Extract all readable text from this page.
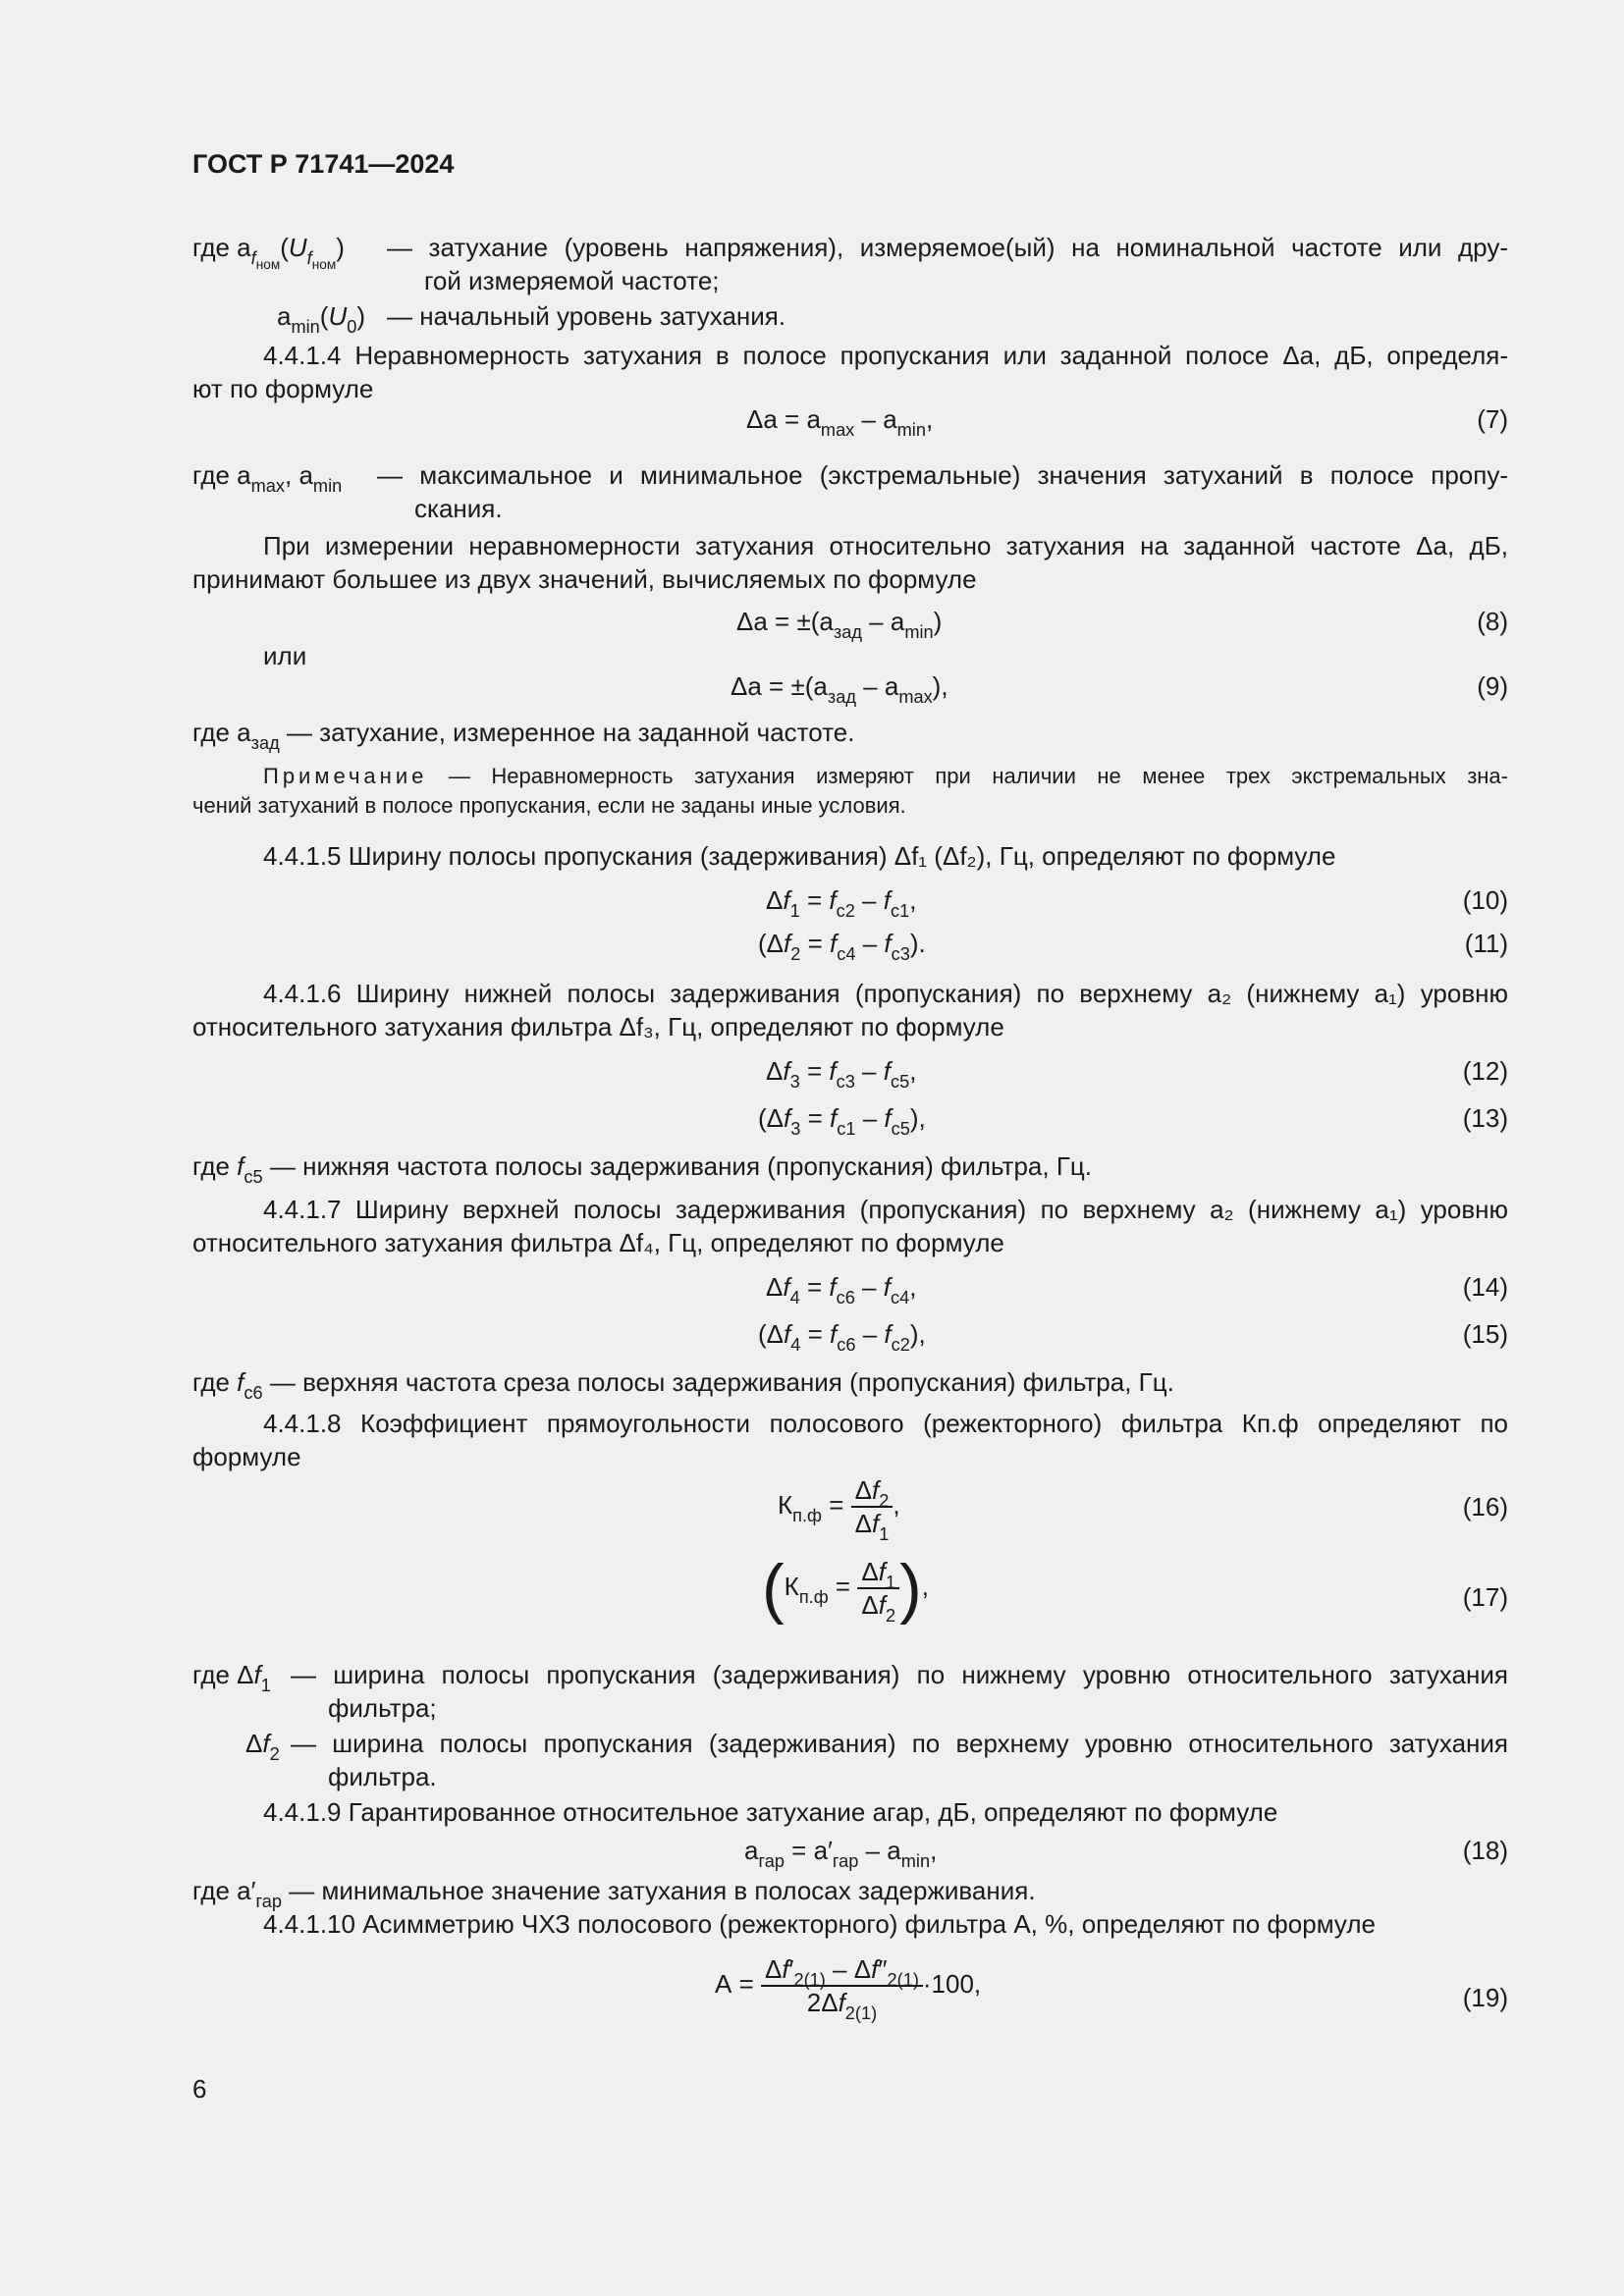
ГОСТ Р 71741—2024
где $а_{f_{ном}}(U_{f_{ном}})$ — затухание (уровень напряжения), измеряемое(ый) на номинальной частоте или дру-
гой измеряемой частоте;
$а_{min}(U_0)$ — начальный уровень затухания.
4.4.1.4 Неравномерность затухания в полосе пропускания или заданной полосе Δа, дБ, определя-
ют по формуле
$\Delta а = а_{max} - а_{min}$,	(7)
где $а_{max}$, $а_{min}$ — максимальное и минимальное (экстремальные) значения затуханий в полосе пропу-
скания.
При измерении неравномерности затухания относительно затухания на заданной частоте Δа, дБ,
принимают большее из двух значений, вычисляемых по формуле
$\Delta а = \pm(а_{зад} - а_{min})$	(8)
или
$\Delta а = \pm(а_{зад} - а_{max})$,	(9)
где $а_{зад}$ — затухание, измеренное на заданной частоте.
Примечание — Неравномерность затухания измеряют при наличии не менее трех экстремальных зна-
чений затуханий в полосе пропускания, если не заданы иные условия.
4.4.1.5 Ширину полосы пропускания (задерживания) Δf₁ (Δf₂), Гц, определяют по формуле
$\Delta f_1 = f_{с2} - f_{с1}$,	(10)
$(\Delta f_2 = f_{с4} - f_{с3})$.	(11)
4.4.1.6 Ширину нижней полосы задерживания (пропускания) по верхнему а₂ (нижнему а₁) уровню
относительного затухания фильтра Δf₃, Гц, определяют по формуле
$\Delta f_3 = f_{с3} - f_{с5}$,	(12)
$(\Delta f_3 = f_{с1} - f_{с5})$,	(13)
где $f_{с5}$ — нижняя частота полосы задерживания (пропускания) фильтра, Гц.
4.4.1.7 Ширину верхней полосы задерживания (пропускания) по верхнему а₂ (нижнему а₁) уровню
относительного затухания фильтра Δf₄, Гц, определяют по формуле
$\Delta f_4 = f_{с6} - f_{с4}$,	(14)
$(\Delta f_4 = f_{с6} - f_{с2})$,	(15)
где $f_{с6}$ — верхняя частота среза полосы задерживания (пропускания) фильтра, Гц.
4.4.1.8 Коэффициент прямоугольности полосового (режекторного) фильтра Кп.ф определяют по
формуле
$К_{п.ф} = \frac{\Delta f_2}{\Delta f_1}$ ,	(16)
($К_{п.ф} = \frac{\Delta f_1}{\Delta f_2}$ ),	(17)
где $\Delta f_1$ — ширина полосы пропускания (задерживания) по нижнему уровню относительного затухания
фильтра;
$\Delta f_2$ — ширина полосы пропускания (задерживания) по верхнему уровню относительного затухания
фильтра.
4.4.1.9 Гарантированное относительное затухание агар, дБ, определяют по формуле
$а_{гар} = а'_{гар} - а_{min}$,	(18)
где $а'_{гар}$ — минимальное значение затухания в полосах задерживания.
4.4.1.10 Асимметрию ЧХЗ полосового (режекторного) фильтра А, %, определяют по формуле
$А = \frac{\Delta f'_{2(1)} - \Delta f''_{2(1)}}{2\Delta f_{2(1)}} \cdot 100$,	(19)
6
